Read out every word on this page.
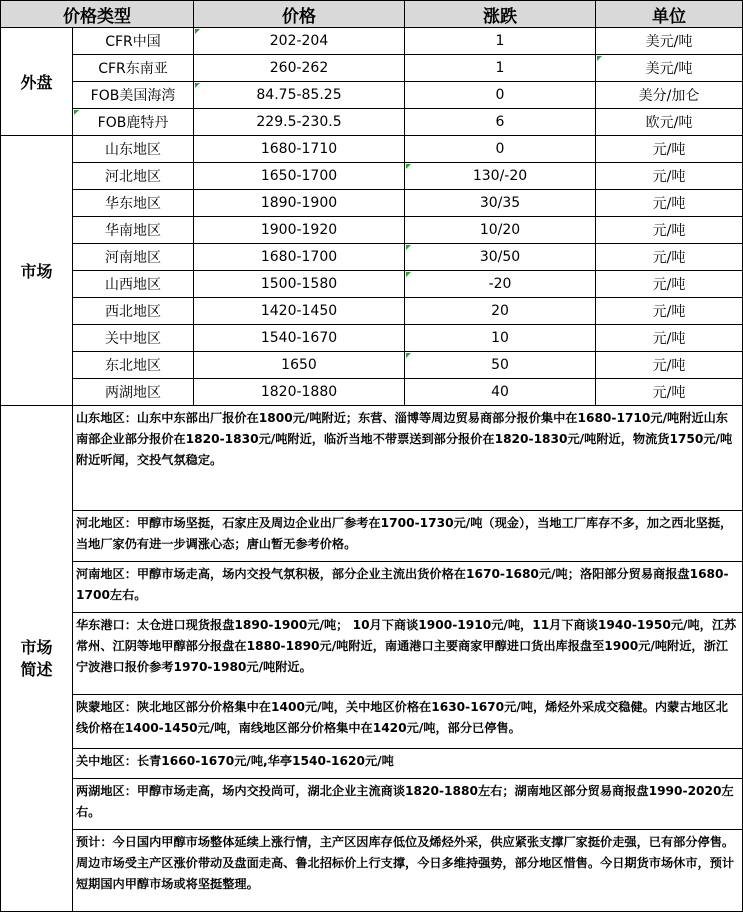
价格类型		价格	涨跌	单位
外盘	CFR中国	202-204	1	美元/吨
	CFR东南亚	260-262	1	美元/吨
	FOB美国海湾	84.75-85.25	0	美分/加仑
	FOB鹿特丹	229.5-230.5	6	欧元/吨
市场	山东地区	1680-1710	0	元/吨
	河北地区	1650-1700	130/-20	元/吨
	华东地区	1890-1900	30/35	元/吨
	华南地区	1900-1920	10/20	元/吨
	河南地区	1680-1700	30/50	元/吨
	山西地区	1500-1580	-20	元/吨
	西北地区	1420-1450	20	元/吨
	关中地区	1540-1670	10	元/吨
	东北地区	1650	50	元/吨
	两湖地区	1820-1880	40	元/吨
市场简述	山东地区：山东中东部出厂报价在1800元/吨附近；东营、淄博等周边贸易商部分报价集中在1680-1710元/吨附近山东南部企业部分报价在1820-1830元/吨附近，临沂当地不带票送到部分报价在1820-1830元/吨附近，物流货1750元/吨附近听闻，交投气氛稳定。			
	河北地区：甲醇市场坚挺，石家庄及周边企业出厂参考在1700-1730元/吨（现金），当地工厂库存不多，加之西北坚挺，当地厂家仍有进一步调涨心态；唐山暂无参考价格。			
	河南地区：甲醇市场走高，场内交投气氛积极，部分企业主流出货价格在1670-1680元/吨；洛阳部分贸易商报盘1680-1700左右。			
	华东港口：太仓进口现货报盘1890-1900元/吨； 10月下商谈1900-1910元/吨，11月下商谈1940-1950元/吨，江苏常州、江阴等地甲醇部分报盘在1880-1890元/吨附近，南通港口主要商家甲醇进口货出库报盘至1900元/吨附近，浙江宁波港口报价参考1970-1980元/吨附近。			
	陕蒙地区：陕北地区部分价格集中在1400元/吨，关中地区价格在1630-1670元/吨，烯烃外采成交稳健。内蒙古地区北线价格在1400-1450元/吨，南线地区部分价格集中在1420元/吨，部分已停售。			
	关中地区：长青1660-1670元/吨,华亭1540-1620元/吨			
	两湖地区：甲醇市场走高，场内交投尚可，湖北企业主流商谈1820-1880左右；湖南地区部分贸易商报盘1990-2020左右。			
	预计：今日国内甲醇市场整体延续上涨行情，主产区因库存低位及烯烃外采，供应紧张支撑厂家挺价走强，已有部分停售。周边市场受主产区涨价带动及盘面走高、鲁北招标价上行支撑，今日多维持强势，部分地区惜售。今日期货市场休市，预计短期国内甲醇市场或将坚挺整理。			
